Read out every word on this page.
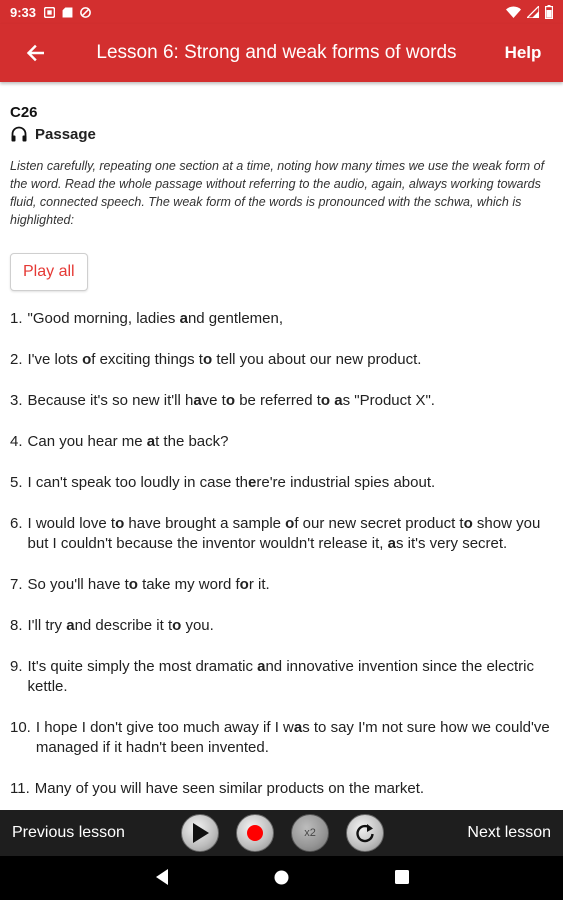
9:33
Lesson 6: Strong and weak forms of words	Help
C26
Passage

Listen carefully, repeating one section at a time, noting how many times we use the weak form of the word. Read the whole passage without referring to the audio, again, always working towards fluid, connected speech. The weak form of the words is pronounced with the schwa, which is highlighted:

Play all
1. "Good morning, ladies and gentlemen,
2. I've lots of exciting things to tell you about our new product.
3. Because it's so new it'll have to be referred to as "Product X".
4. Can you hear me at the back?
5. I can't speak too loudly in case there're industrial spies about.
6. I would love to have brought a sample of our new secret product to show you but I couldn't because the inventor wouldn't release it, as it's very secret.
7. So you'll have to take my word for it.
8. I'll try and describe it to you.
9. It's quite simply the most dramatic and innovative invention since the electric kettle.
10. I hope I don't give too much away if I was to say I'm not sure how we could've managed if it hadn't been invented.
11. Many of you will have seen similar products on the market.
Previous lesson	x2	Next lesson
